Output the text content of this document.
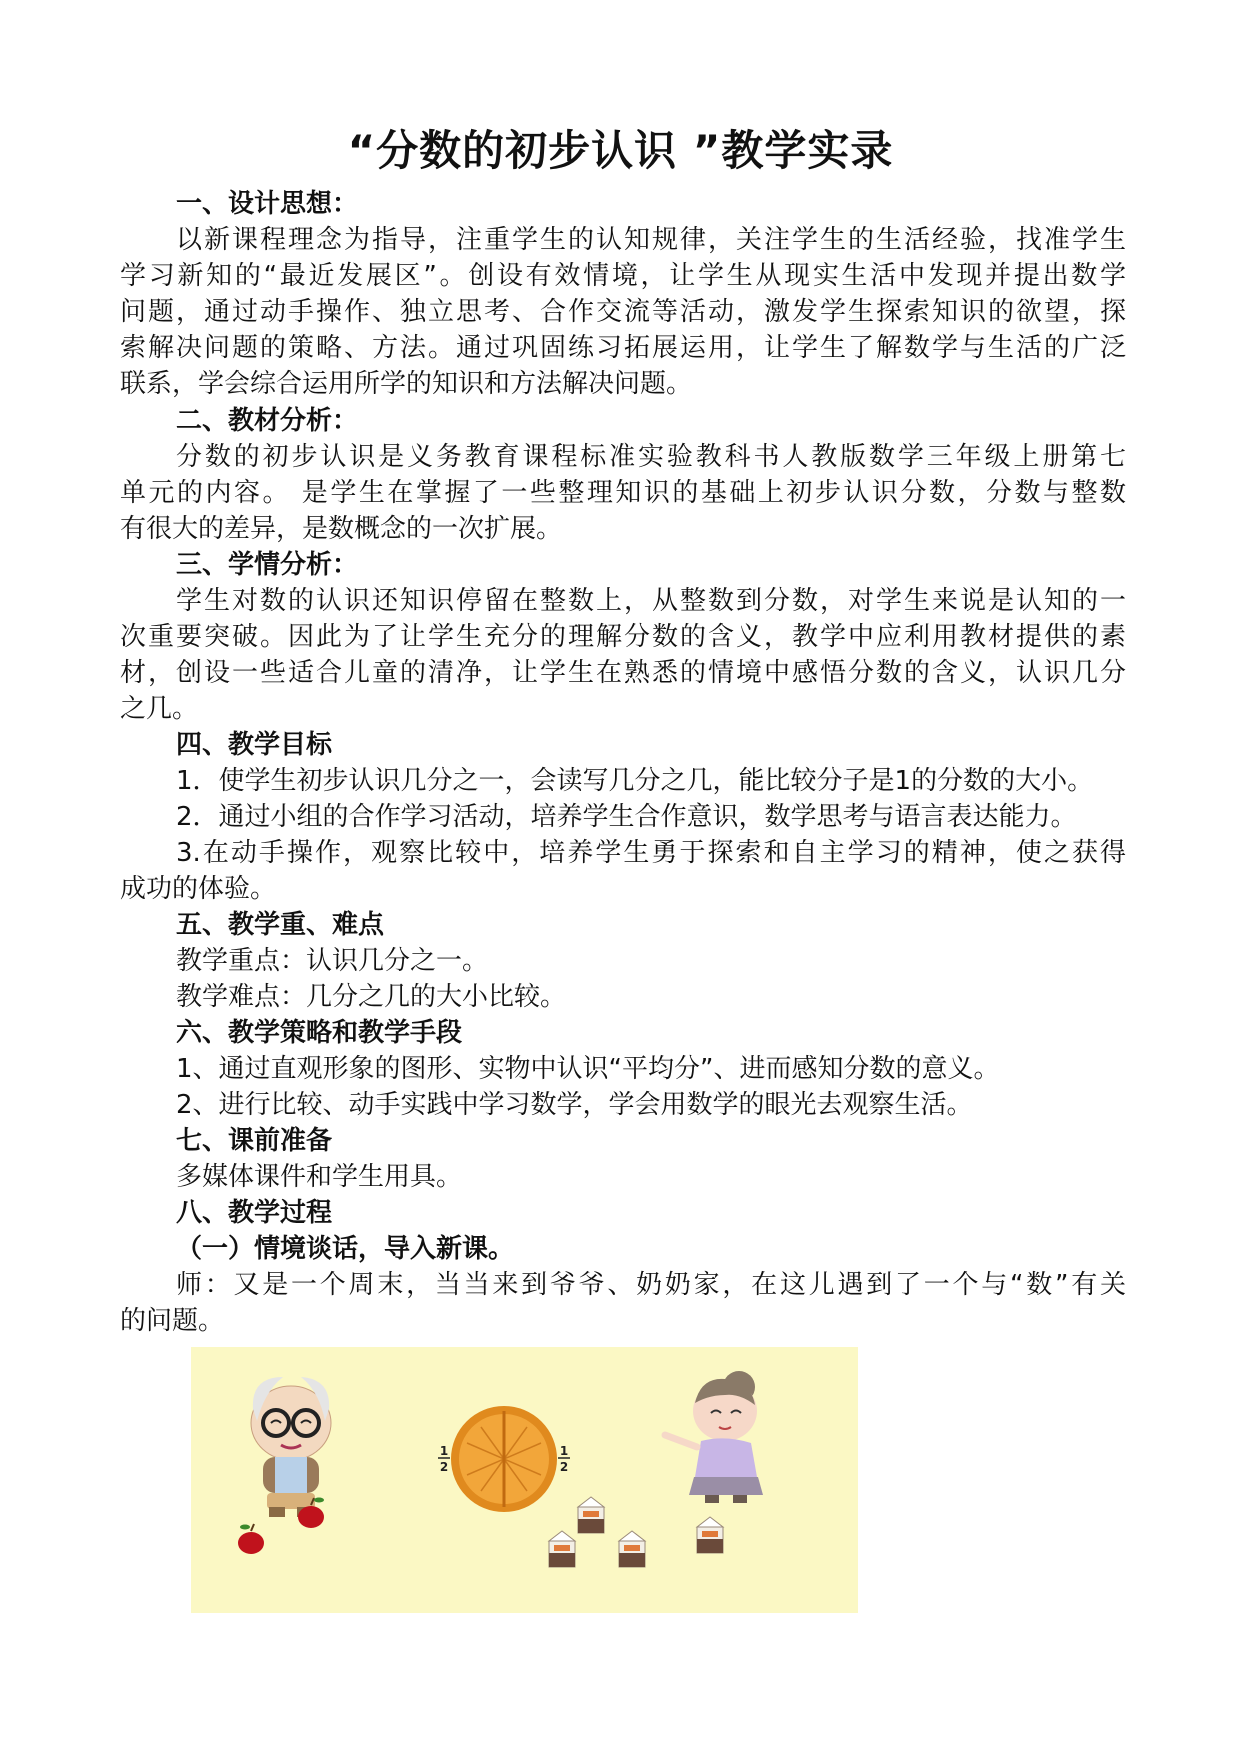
“分数的初步认识 ”教学实录
一、设计思想：
以新课程理念为指导，注重学生的认知规律，关注学生的生活经验，找准学生
学习新知的“最近发展区”。创设有效情境，让学生从现实生活中发现并提出数学
问题，通过动手操作、独立思考、合作交流等活动，激发学生探索知识的欲望，探
索解决问题的策略、方法。通过巩固练习拓展运用，让学生了解数学与生活的广泛
联系，学会综合运用所学的知识和方法解决问题。
二、教材分析：
分数的初步认识是义务教育课程标准实验教科书人教版数学三年级上册第七
单元的内容。 是学生在掌握了一些整理知识的基础上初步认识分数，分数与整数
有很大的差异，是数概念的一次扩展。
三、学情分析：
学生对数的认识还知识停留在整数上，从整数到分数，对学生来说是认知的一
次重要突破。因此为了让学生充分的理解分数的含义，教学中应利用教材提供的素
材，创设一些适合儿童的清净，让学生在熟悉的情境中感悟分数的含义，认识几分
之几。
四、教学目标
1．使学生初步认识几分之一，会读写几分之几，能比较分子是1的分数的大小。
2．通过小组的合作学习活动，培养学生合作意识，数学思考与语言表达能力。
3.在动手操作，观察比较中，培养学生勇于探索和自主学习的精神，使之获得
成功的体验。
五、教学重、难点
教学重点：认识几分之一。
教学难点：几分之几的大小比较。
六、教学策略和教学手段
1、通过直观形象的图形、实物中认识“平均分”、进而感知分数的意义。
2、进行比较、动手实践中学习数学，学会用数学的眼光去观察生活。
七、课前准备
多媒体课件和学生用具。
八、教学过程
（一）情境谈话，导入新课。
师：又是一个周末，当当来到爷爷、奶奶家，在这儿遇到了一个与“数”有关
的问题。
1
2
1
2
